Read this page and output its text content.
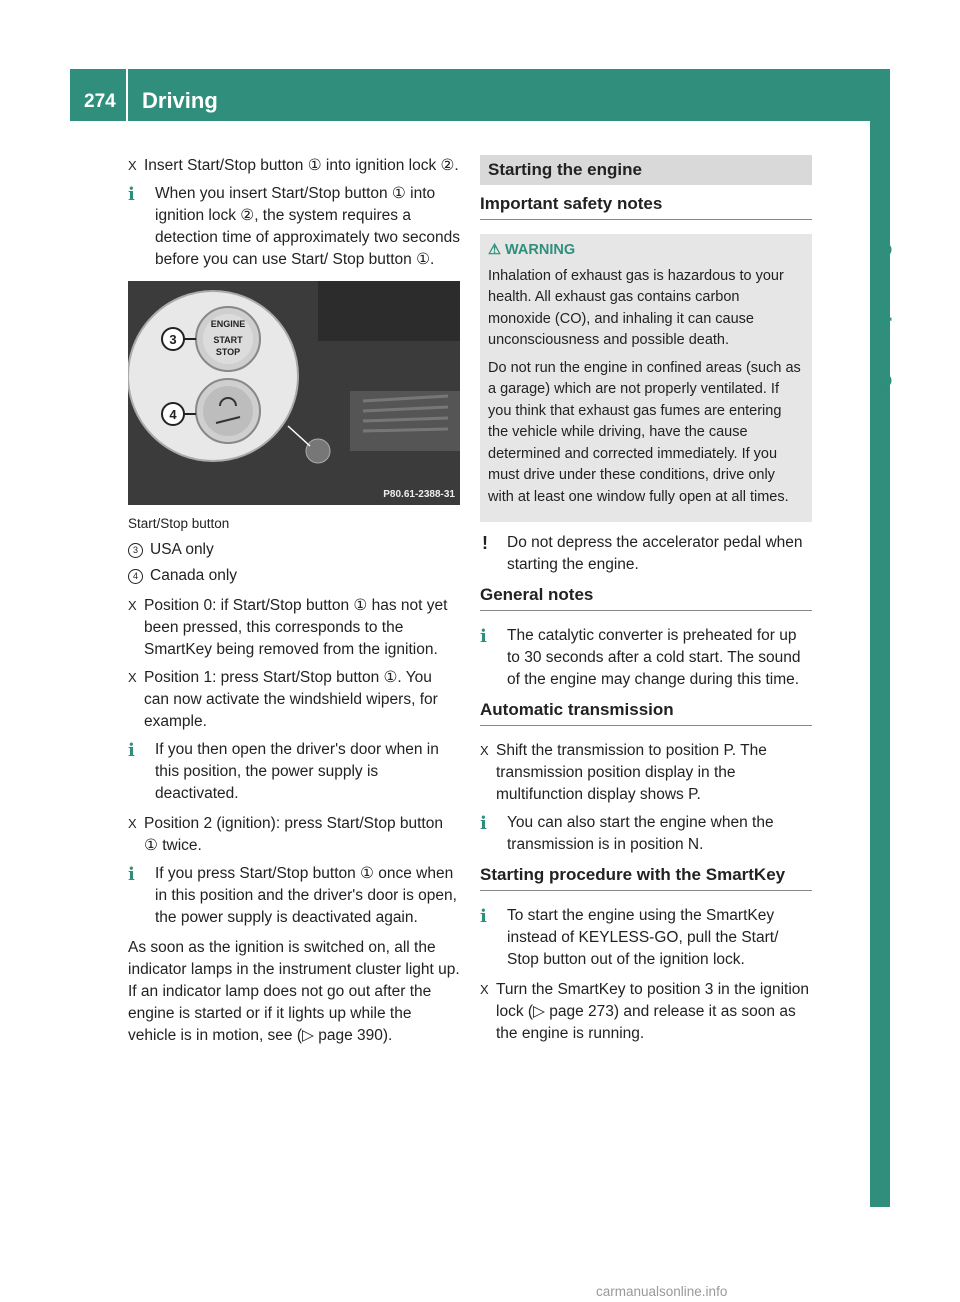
274 Driving
Driving and parking
X Insert Start/Stop button ① into ignition lock ②.
i	When you insert Start/Stop button ① into ignition lock ②, the system requires a detection time of approximately two seconds before you can use Start/ Stop button ①.
3
4
ENGINE
START
STOP
P80.61-2388-31
Start/Stop button
3 USA only
4 Canada only
X Position 0: if Start/Stop button ① has not yet been pressed, this corresponds to the SmartKey being removed from the ignition.
X Position 1: press Start/Stop button ①. You can now activate the windshield wipers, for example.
i	If you then open the driver's door when in this position, the power supply is deactivated.
X Position 2 (ignition): press Start/Stop button ① twice.
i	If you press Start/Stop button ① once when in this position and the driver's door is open, the power supply is deactivated again.

As soon as the ignition is switched on, all the indicator lamps in the instrument cluster light up. If an indicator lamp does not go out after the engine is started or if it lights up while the vehicle is in motion, see (▷ page 390).

Starting the engine
Important safety notes
⚠ WARNING

Inhalation of exhaust gas is hazardous to your health. All exhaust gas contains carbon monoxide (CO), and inhaling it can cause unconsciousness and possible death.

Do not run the engine in confined areas (such as a garage) which are not properly ventilated. If you think that exhaust gas fumes are entering the vehicle while driving, have the cause determined and corrected immediately. If you must drive under these conditions, drive only with at least one window fully open at all times.

! Do not depress the accelerator pedal when starting the engine.
General notes
i	The catalytic converter is preheated for up to 30 seconds after a cold start. The sound of the engine may change during this time.
Automatic transmission
X Shift the transmission to position P. The transmission position display in the multifunction display shows P.
i	You can also start the engine when the transmission is in position N.
Starting procedure with the SmartKey
i	To start the engine using the SmartKey instead of KEYLESS-GO, pull the Start/ Stop button out of the ignition lock.
X Turn the SmartKey to position 3 in the ignition lock (▷ page 273) and release it as soon as the engine is running.
carmanualsonline.info
